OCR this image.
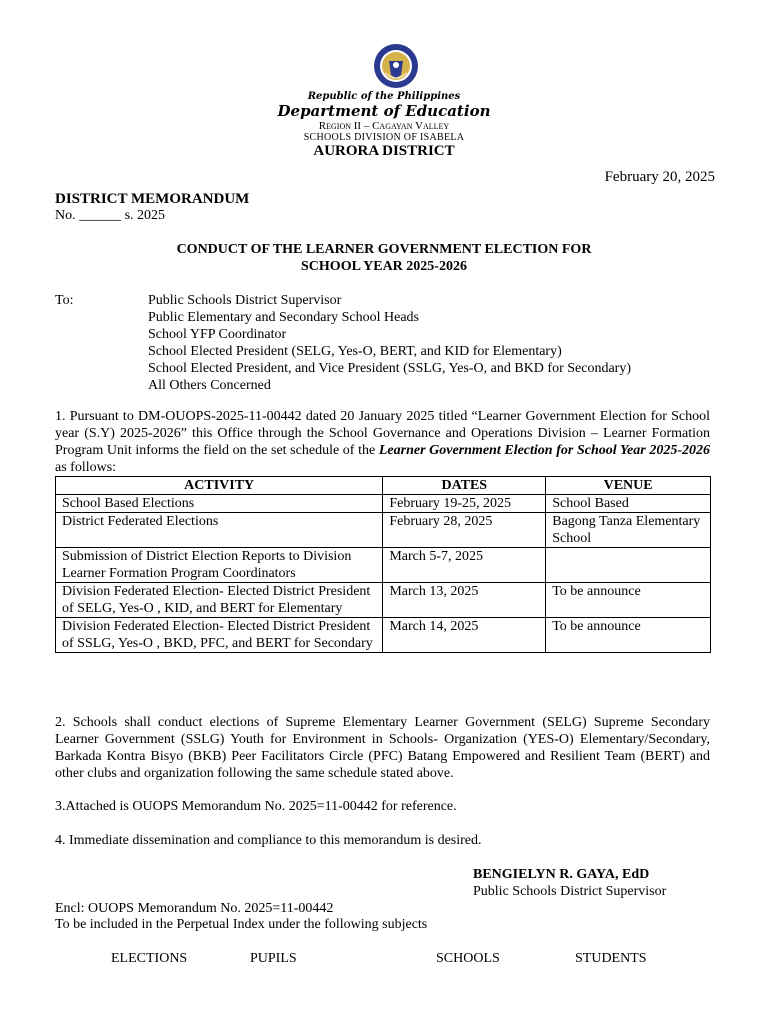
Republic of the Philippines
Department of Education
Region II – Cagayan Valley
SCHOOLS DIVISION OF ISABELA
AURORA DISTRICT
February 20, 2025
DISTRICT MEMORANDUM
No. ______ s. 2025
CONDUCT OF THE LEARNER GOVERNMENT ELECTION FOR
SCHOOL YEAR 2025-2026
To:	Public Schools District Supervisor
Public Elementary and Secondary School Heads
School YFP Coordinator
School Elected President (SELG, Yes-O, BERT, and KID for Elementary)
School Elected President, and Vice President (SSLG, Yes-O, and BKD for Secondary)
All Others Concerned

1. Pursuant to DM-OUOPS-2025-11-00442 dated 20 January 2025 titled “Learner Government Election for School year (S.Y) 2025-2026” this Office through the School Governance and Operations Division – Learner Formation Program Unit informs the field on the set schedule of the Learner Government Election for School Year 2025-2026 as follows:

ACTIVITY	DATES	VENUE
School Based Elections	February 19-25, 2025	School Based
District Federated Elections	February 28, 2025	Bagong Tanza Elementary School
Submission of District Election Reports to Division Learner Formation Program Coordinators	March 5-7, 2025	
Division Federated Election- Elected District President of SELG, Yes-O , KID, and BERT for Elementary	March 13, 2025	To be announce
Division Federated Election- Elected District President of SSLG, Yes-O , BKD, PFC, and BERT for Secondary	March 14, 2025	To be announce

2. Schools shall conduct elections of Supreme Elementary Learner Government (SELG) Supreme Secondary Learner Government (SSLG) Youth for Environment in Schools- Organization (YES-O) Elementary/Secondary, Barkada Kontra Bisyo (BKB) Peer Facilitators Circle (PFC) Batang Empowered and Resilient Team (BERT) and other clubs and organization following the same schedule stated above.

3.Attached is OUOPS Memorandum No. 2025=11-00442 for reference.

4. Immediate dissemination and compliance to this memorandum is desired.

BENGIELYN R. GAYA, EdD
Public Schools District Supervisor
Encl: OUOPS Memorandum No. 2025=11-00442
To be included in the Perpetual Index under the following subjects
ELECTIONS	PUPILS	SCHOOLS	STUDENTS
